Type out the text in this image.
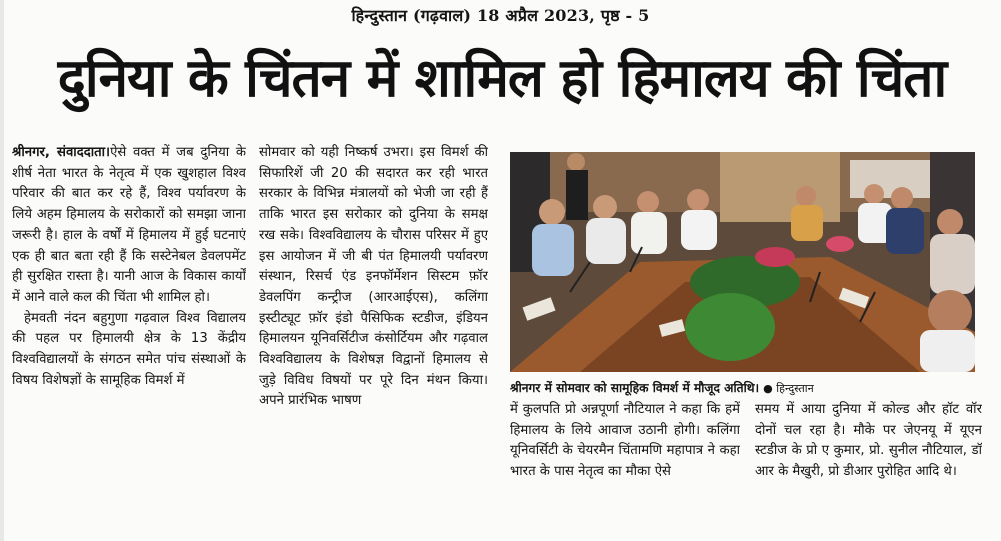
हिन्दुस्तान (गढ़वाल) 18 अप्रैल 2023, पृष्ठ - 5
दुनिया के चिंतन में शामिल हो हिमालय की चिंता

श्रीनगर, संवाददाता।ऐसे वक्त में जब दुनिया के शीर्ष नेता भारत के नेतृत्व में एक खुशहाल विश्व परिवार की बात कर रहे हैं, विश्व पर्यावरण के लिये अहम हिमालय के सरोकारों को समझा जाना जरूरी है। हाल के वर्षों में हिमालय में हुई घटनाएं एक ही बात बता रही हैं कि सस्टेनेबल डेवलपमेंट ही सुरक्षित रास्ता है। यानी आज के विकास कार्यों में आने वाले कल की चिंता भी शामिल हो।

हेमवती नंदन बहुगुणा गढ़वाल विश्व विद्यालय की पहल पर हिमालयी क्षेत्र के 13 केंद्रीय विश्वविद्यालयों के संगठन समेत पांच संस्थाओं के विषय विशेषज्ञों के सामूहिक विमर्श में

सोमवार को यही निष्कर्ष उभरा। इस विमर्श की सिफारिशें जी 20 की सदारत कर रही भारत सरकार के विभिन्न मंत्रालयों को भेजी जा रही हैं ताकि भारत इस सरोकार को दुनिया के समक्ष रख सके। विश्वविद्यालय के चौरास परिसर में हुए इस आयोजन में जी बी पंत हिमालयी पर्यावरण संस्थान, रिसर्च एंड इनफॉर्मेशन सिस्टम फ़ॉर डेवलपिंग कन्ट्रीज (आरआईएस), कलिंगा इस्टीट्यूट फ़ॉर इंडो पैसिफिक स्टडीज, इंडियन हिमालयन यूनिवर्सिटीज कंसोर्टियम और गढ़वाल विश्वविद्यालय के विशेषज्ञ विद्वानों हिमालय से जुड़े विविध विषयों पर पूरे दिन मंथन किया। अपने प्रारंभिक भाषण

श्रीनगर में सोमवार को सामूहिक विमर्श में मौजूद अतिथि। ● हिन्दुस्तान

में कुलपति प्रो अन्नपूर्णा नौटियाल ने कहा कि हमें हिमालय के लिये आवाज उठानी होगी। कलिंगा यूनिवर्सिटी के चेयरमैन चिंतामणि महापात्र ने कहा भारत के पास नेतृत्व का मौका ऐसे

समय में आया दुनिया में कोल्ड और हॉट वॉर दोनों चल रहा है। मौके पर जेएनयू में यूएन स्टडीज के प्रो ए कुमार, प्रो. सुनील नौटियाल, डॉ आर के मैखुरी, प्रो डीआर पुरोहित आदि थे।
